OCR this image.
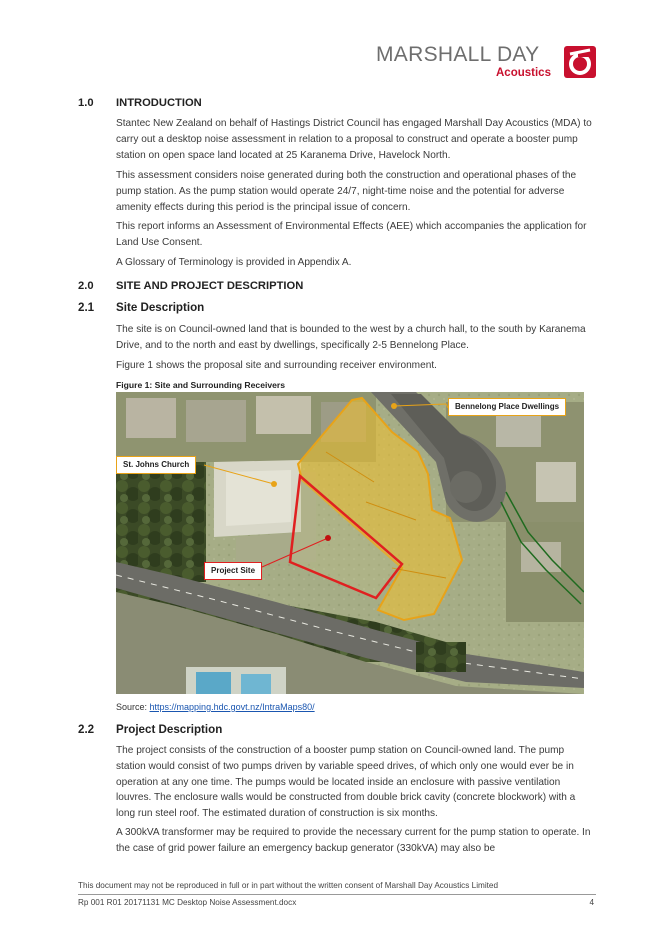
MARSHALL DAY
Acoustics
1.0 INTRODUCTION

Stantec New Zealand on behalf of Hastings District Council has engaged Marshall Day Acoustics (MDA) to carry out a desktop noise assessment in relation to a proposal to construct and operate a booster pump station on open space land located at 25 Karanema Drive, Havelock North.

This assessment considers noise generated during both the construction and operational phases of the pump station. As the pump station would operate 24/7, night-time noise and the potential for adverse amenity effects during this period is the principal issue of concern.

This report informs an Assessment of Environmental Effects (AEE) which accompanies the application for Land Use Consent.

A Glossary of Terminology is provided in Appendix A.

2.0 SITE AND PROJECT DESCRIPTION
2.1 Site Description

The site is on Council-owned land that is bounded to the west by a church hall, to the south by Karanema Drive, and to the north and east by dwellings, specifically 2-5 Bennelong Place.

Figure 1 shows the proposal site and surrounding receiver environment.

Figure 1: Site and Surrounding Receivers
Bennelong Place Dwellings
St. Johns Church
Project Site
Source: https://mapping.hdc.govt.nz/IntraMaps80/
2.2 Project Description

The project consists of the construction of a booster pump station on Council-owned land. The pump station would consist of two pumps driven by variable speed drives, of which only one would ever be in operation at any one time. The pumps would be located inside an enclosure with passive ventilation louvres. The enclosure walls would be constructed from double brick cavity (concrete blockwork) with a long run steel roof. The estimated duration of construction is six months.

A 300kVA transformer may be required to provide the necessary current for the pump station to operate. In the case of grid power failure an emergency backup generator (330kVA) may also be

This document may not be reproduced in full or in part without the written consent of Marshall Day Acoustics Limited
Rp 001 R01 20171131 MC Desktop Noise Assessment.docx	4
